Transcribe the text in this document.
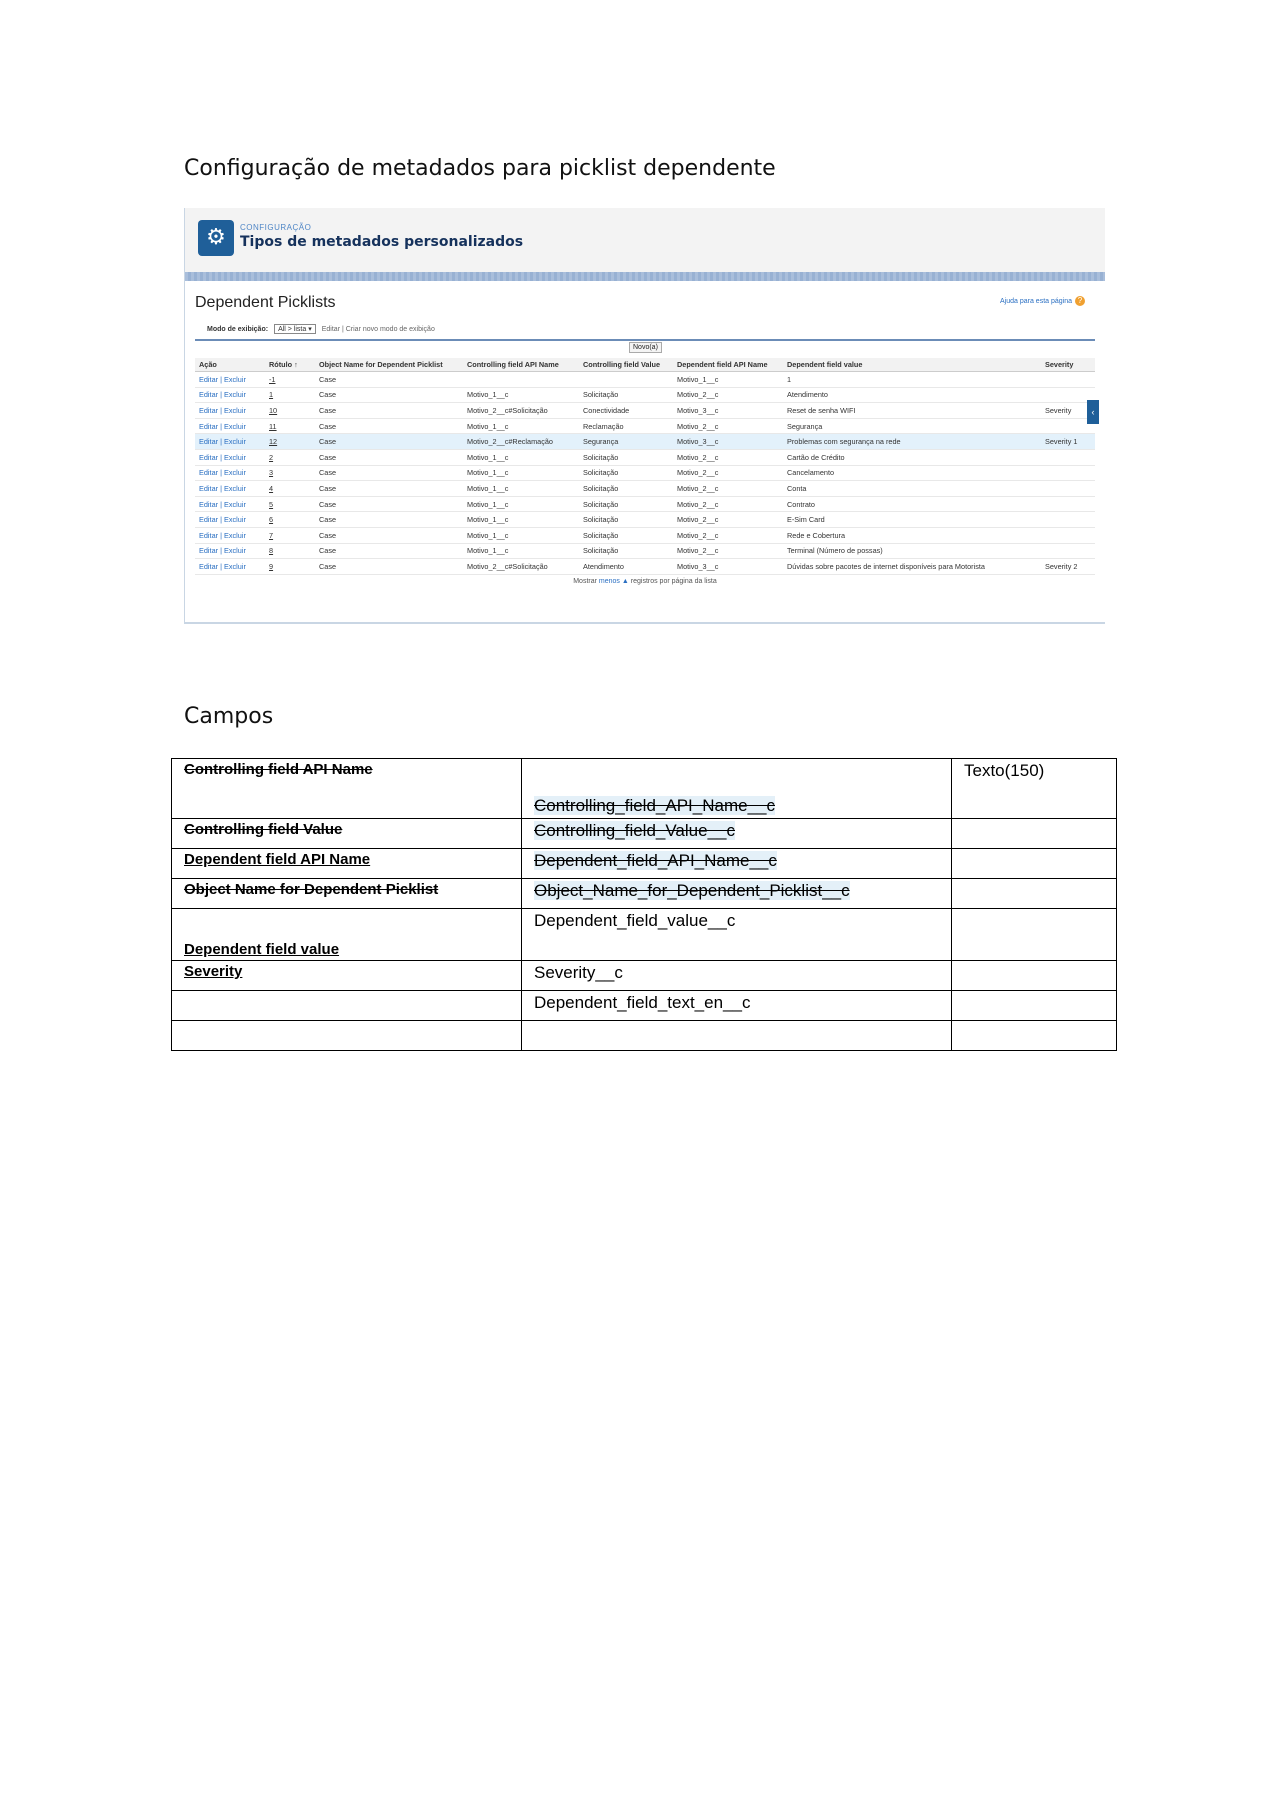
Configuração de metadados para picklist dependente
⚙	CONFIGURAÇÃO
Tipos de metadados personalizados
Dependent Picklists	Ajuda para esta página ?
Modo de exibição: All > lista ▾ Editar | Criar novo modo de exibição
Novo(a)
Ação	Rótulo ↑	Object Name for Dependent Picklist	Controlling field API Name	Controlling field Value	Dependent field API Name	Dependent field value	Severity
Editar | Excluir	-1	Case			Motivo_1__c	1	
Editar | Excluir	1	Case	Motivo_1__c	Solicitação	Motivo_2__c	Atendimento	
Editar | Excluir	10	Case	Motivo_2__c#Solicitação	Conectividade	Motivo_3__c	Reset de senha WIFI	Severity
Editar | Excluir	11	Case	Motivo_1__c	Reclamação	Motivo_2__c	Segurança	
Editar | Excluir	12	Case	Motivo_2__c#Reclamação	Segurança	Motivo_3__c	Problemas com segurança na rede	Severity 1
Editar | Excluir	2	Case	Motivo_1__c	Solicitação	Motivo_2__c	Cartão de Crédito	
Editar | Excluir	3	Case	Motivo_1__c	Solicitação	Motivo_2__c	Cancelamento	
Editar | Excluir	4	Case	Motivo_1__c	Solicitação	Motivo_2__c	Conta	
Editar | Excluir	5	Case	Motivo_1__c	Solicitação	Motivo_2__c	Contrato	
Editar | Excluir	6	Case	Motivo_1__c	Solicitação	Motivo_2__c	E-Sim Card	
Editar | Excluir	7	Case	Motivo_1__c	Solicitação	Motivo_2__c	Rede e Cobertura	
Editar | Excluir	8	Case	Motivo_1__c	Solicitação	Motivo_2__c	Terminal (Número de possas)	
Editar | Excluir	9	Case	Motivo_2__c#Solicitação	Atendimento	Motivo_3__c	Dúvidas sobre pacotes de internet disponíveis para Motorista	Severity 2
‹
Mostrar menos ▲ registros por página da lista
Campos
Controlling field API Name	Controlling_field_API_Name__c	Texto(150)
Controlling field Value	Controlling_field_Value__c	
Dependent field API Name	Dependent_field_API_Name__c	
Object Name for Dependent Picklist	Object_Name_for_Dependent_Picklist__c	
Dependent field value	Dependent_field_value__c	
Severity	Severity__c	
	Dependent_field_text_en__c	
